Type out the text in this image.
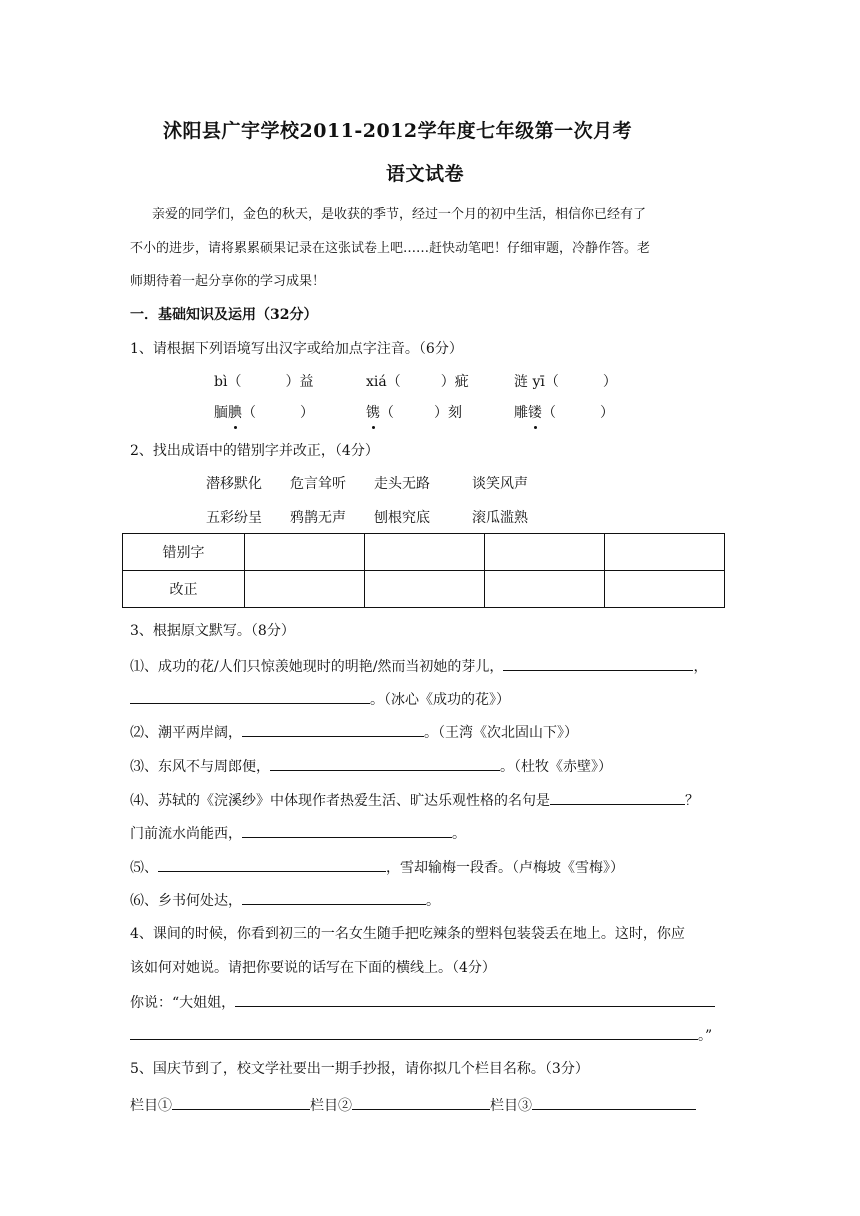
沭阳县广宇学校2011-2012学年度七年级第一次月考
语文试卷
亲爱的同学们，金色的秋天，是收获的季节，经过一个月的初中生活，相信你已经有了
不小的进步，请将累累硕果记录在这张试卷上吧……赶快动笔吧！仔细审题，冷静作答。老
师期待着一起分享你的学习成果！
一．基础知识及运用（32分）
1、请根据下列语境写出汉字或给加点字注音。（6分）
bì（	）益	xiá（	）疵	涟 yī（	）
腼腆（	）	镌（	）刻	雕镂（	）
2、找出成语中的错别字并改正，（4分）
潜移默化 危言耸听 走头无路	谈笑风声
五彩纷呈 鸦鹊无声 刨根究底	滚瓜滥熟
错别字				
改正				
3、根据原文默写。（8分）
⑴、成功的花/人们只惊羡她现时的明艳/然而当初她的芽儿，	，
。（冰心《成功的花》）
⑵、潮平两岸阔，	。（王湾《次北固山下》）
⑶、东风不与周郎便，	。（杜牧《赤壁》）
⑷、苏轼的《浣溪纱》中体现作者热爱生活、旷达乐观性格的名句是	？
门前流水尚能西，	。
⑸、	，雪却输梅一段香。（卢梅坡《雪梅》）
⑹、乡书何处达，	。
4、课间的时候，你看到初三的一名女生随手把吃辣条的塑料包装袋丢在地上。这时，你应
该如何对她说。请把你要说的话写在下面的横线上。（4分）
你说：“大姐姐，
。”
5、国庆节到了，校文学社要出一期手抄报，请你拟几个栏目名称。（3分）
栏目①	栏目②	栏目③
